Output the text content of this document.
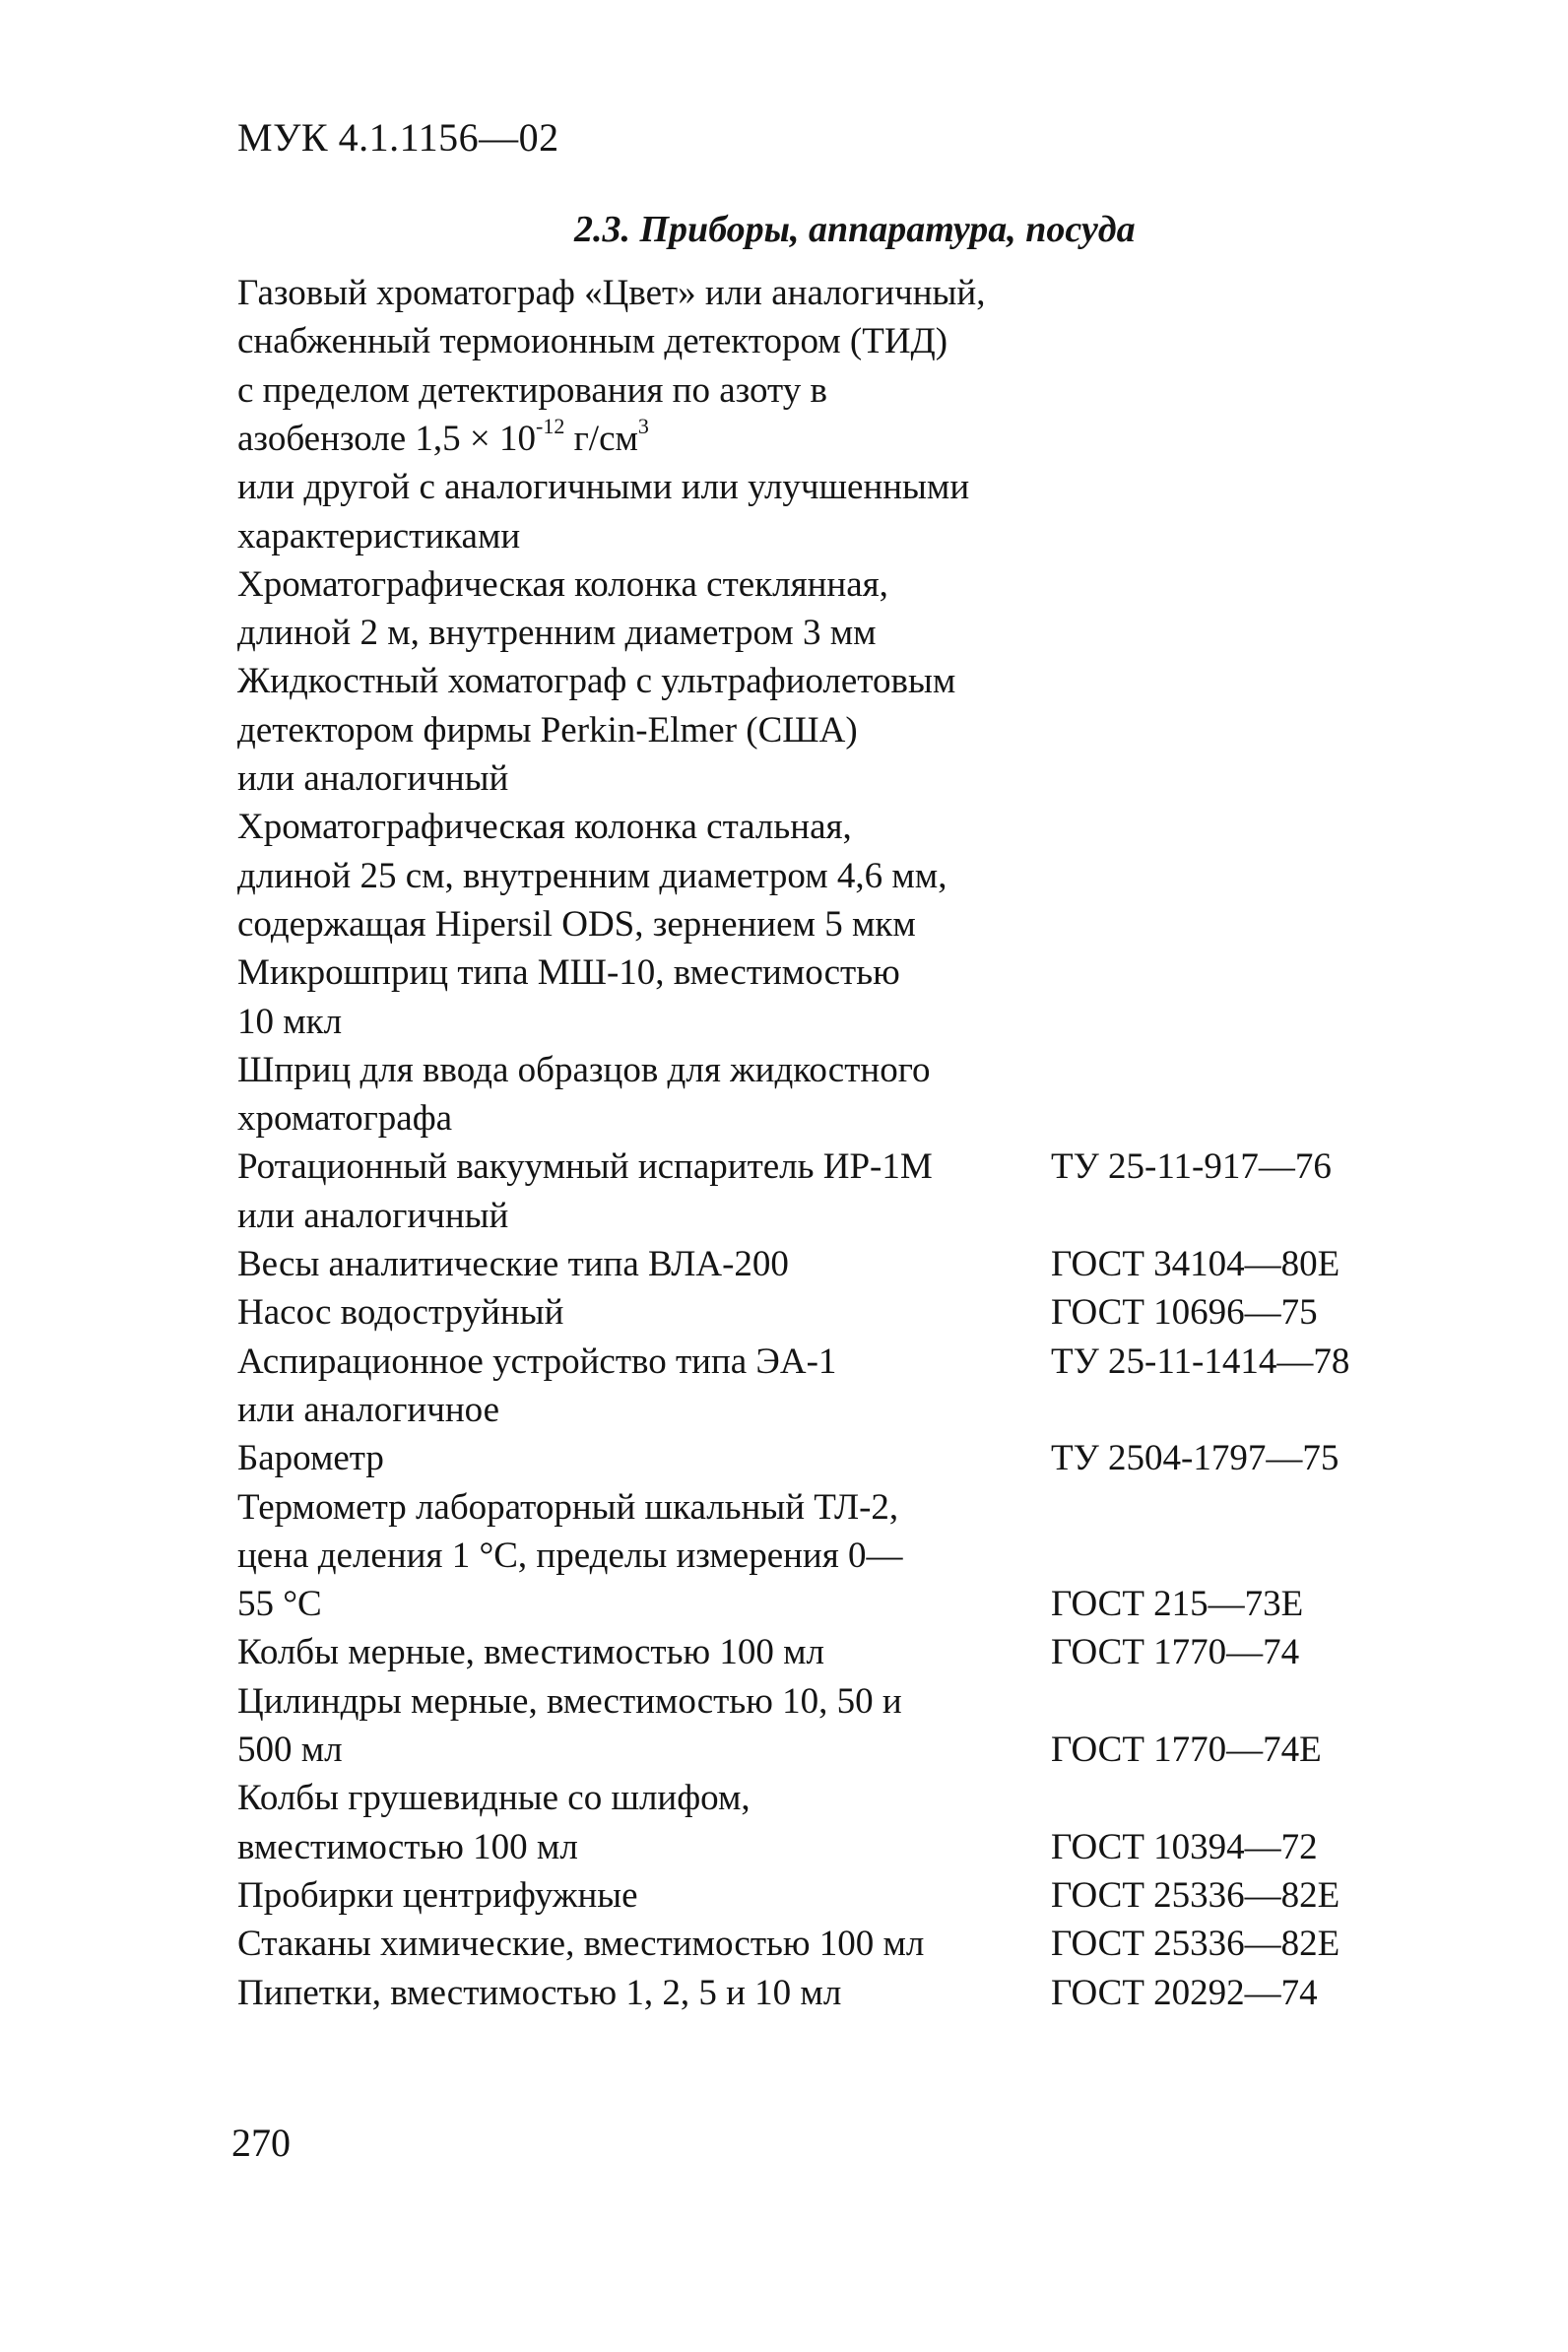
МУК 4.1.1156—02
2.3. Приборы, аппаратура, посуда
Газовый хроматограф «Цвет» или аналогичный,
снабженный термоионным детектором (ТИД)
с пределом детектирования по азоту в
азобензоле $1,5 \times 10^{-12}$ $г/см^3$
или другой с аналогичными или улучшенными
характеристиками
Хроматографическая колонка стеклянная,
длиной 2 м, внутренним диаметром 3 мм
Жидкостный хоматограф с ультрафиолетовым
детектором фирмы Perkin-Elmer (США)
или аналогичный
Хроматографическая колонка стальная,
длиной 25 см, внутренним диаметром 4,6 мм,
содержащая Hipersil ODS, зернением 5 мкм
Микрошприц типа МШ-10, вместимостью
10 мкл
Шприц для ввода образцов для жидкостного
хроматографа
Ротационный вакуумный испаритель ИР-1М	ТУ 25-11-917—76
или аналогичный
Весы аналитические типа ВЛА-200	ГОСТ 34104—80Е
Насос водоструйный	ГОСТ 10696—75
Аспирационное устройство типа ЭА-1	ТУ 25-11-1414—78
или аналогичное
Барометр	ТУ 2504-1797—75
Термометр лабораторный шкальный ТЛ-2,
цена деления 1 °С, пределы измерения 0—
55 °С	ГОСТ 215—73Е
Колбы мерные, вместимостью 100 мл	ГОСТ 1770—74
Цилиндры мерные, вместимостью 10, 50 и
500 мл	ГОСТ 1770—74Е
Колбы грушевидные со шлифом,
вместимостью 100 мл	ГОСТ 10394—72
Пробирки центрифужные	ГОСТ 25336—82Е
Стаканы химические, вместимостью 100 мл	ГОСТ 25336—82Е
Пипетки, вместимостью 1, 2, 5 и 10 мл	ГОСТ 20292—74
270
